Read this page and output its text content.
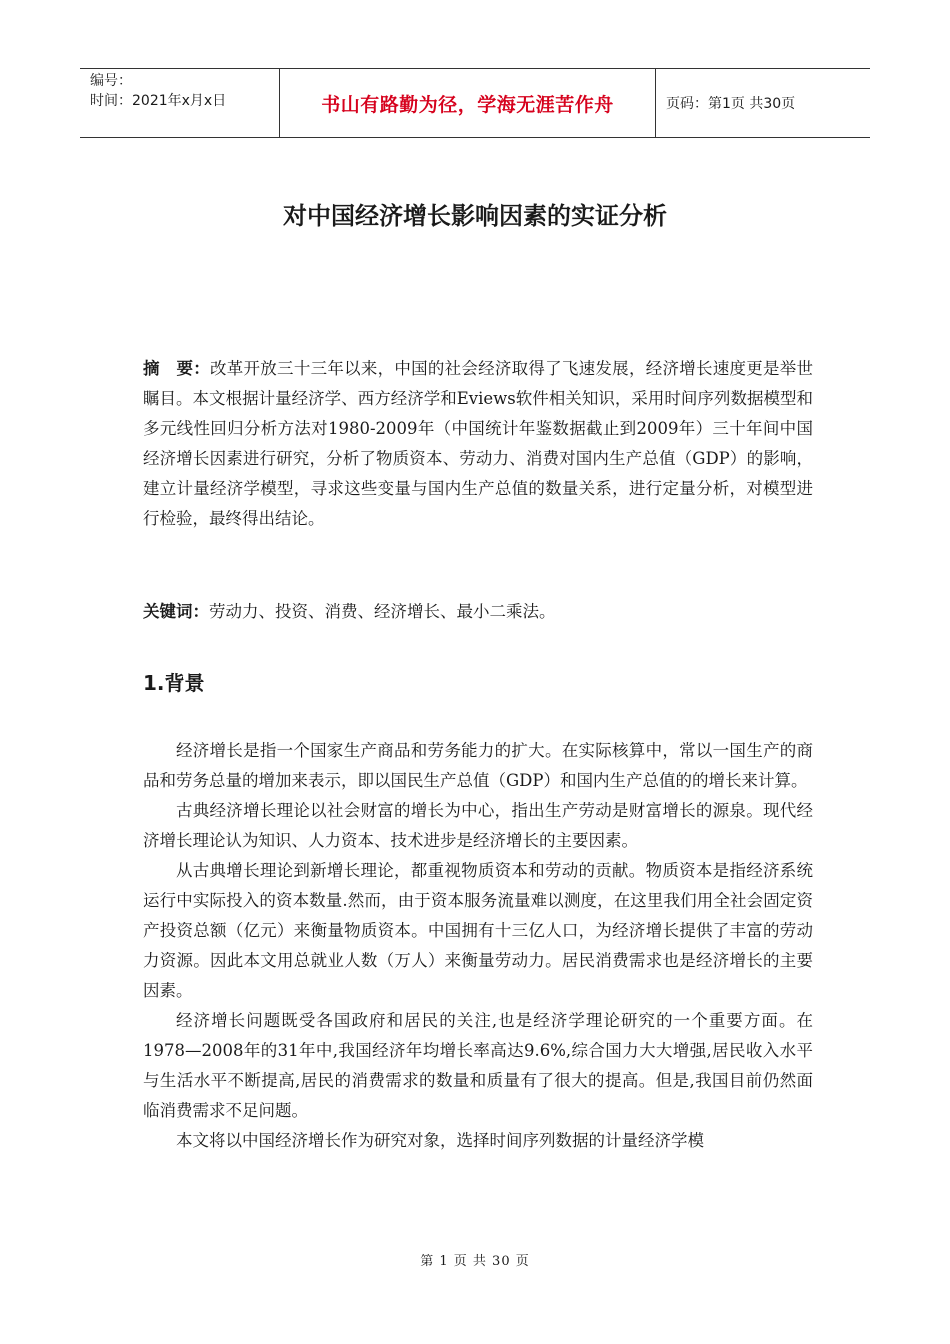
编号：
时间：2021年x月x日	书山有路勤为径，学海无涯苦作舟	页码：第1页 共30页
对中国经济增长影响因素的实证分析
摘　要：改革开放三十三年以来，中国的社会经济取得了飞速发展，经济增长速度更是举世瞩目。本文根据计量经济学、西方经济学和Eviews软件相关知识，采用时间序列数据模型和多元线性回归分析方法对1980-2009年（中国统计年鉴数据截止到2009年）三十年间中国经济增长因素进行研究，分析了物质资本、劳动力、消费对国内生产总值（GDP）的影响，建立计量经济学模型，寻求这些变量与国内生产总值的数量关系，进行定量分析，对模型进行检验，最终得出结论。
关键词：劳动力、投资、消费、经济增长、最小二乘法。
1.背景

经济增长是指一个国家生产商品和劳务能力的扩大。在实际核算中，常以一国生产的商品和劳务总量的增加来表示，即以国民生产总值（GDP）和国内生产总值的的增长来计算。

古典经济增长理论以社会财富的增长为中心，指出生产劳动是财富增长的源泉。现代经济增长理论认为知识、人力资本、技术进步是经济增长的主要因素。

从古典增长理论到新增长理论，都重视物质资本和劳动的贡献。物质资本是指经济系统运行中实际投入的资本数量.然而，由于资本服务流量难以测度，在这里我们用全社会固定资产投资总额（亿元）来衡量物质资本。中国拥有十三亿人口，为经济增长提供了丰富的劳动力资源。因此本文用总就业人数（万人）来衡量劳动力。居民消费需求也是经济增长的主要因素。

经济增长问题既受各国政府和居民的关注,也是经济学理论研究的一个重要方面。在1978—2008年的31年中,我国经济年均增长率高达9.6%,综合国力大大增强,居民收入水平与生活水平不断提高,居民的消费需求的数量和质量有了很大的提高。但是,我国目前仍然面临消费需求不足问题。

本文将以中国经济增长作为研究对象，选择时间序列数据的计量经济学模

第 1 页 共 30 页
